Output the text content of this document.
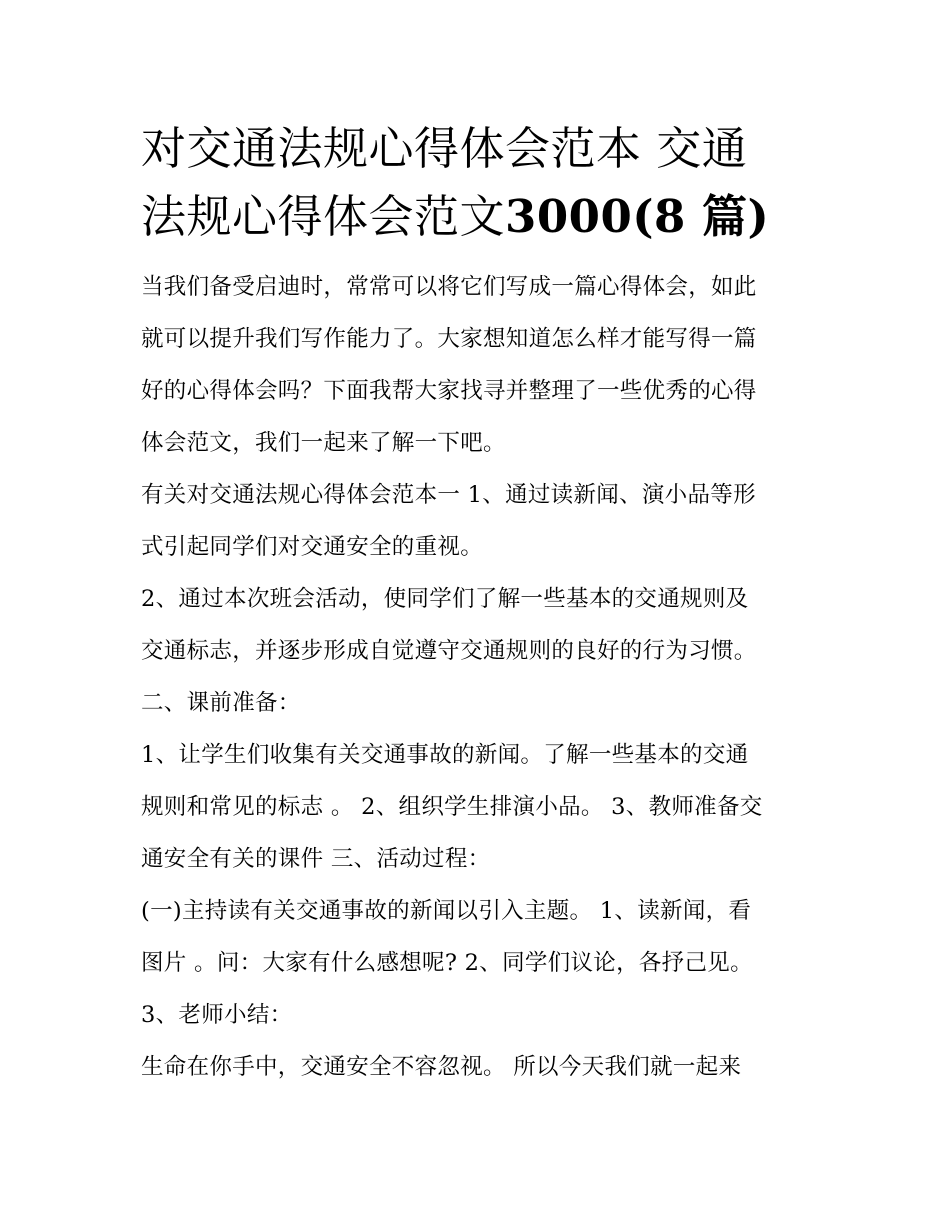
对交通法规心得体会范本 交通
法规心得体会范文3000(8 篇)

当我们备受启迪时，常常可以将它们写成一篇心得体会，如此

就可以提升我们写作能力了。大家想知道怎么样才能写得一篇

好的心得体会吗？下面我帮大家找寻并整理了一些优秀的心得

体会范文，我们一起来了解一下吧。

有关对交通法规心得体会范本一 1、通过读新闻、演小品等形

式引起同学们对交通安全的重视。

2、通过本次班会活动，使同学们了解一些基本的交通规则及

交通标志，并逐步形成自觉遵守交通规则的良好的行为习惯。

二、课前准备：

1、让学生们收集有关交通事故的新闻。了解一些基本的交通

规则和常见的标志 。 2、组织学生排演小品。 3、教师准备交

通安全有关的课件 三、活动过程：

(一)主持读有关交通事故的新闻以引入主题。 1、读新闻，看

图片 。问：大家有什么感想呢? 2、同学们议论，各抒己见。

3、老师小结：

生命在你手中，交通安全不容忽视。 所以今天我们就一起来
